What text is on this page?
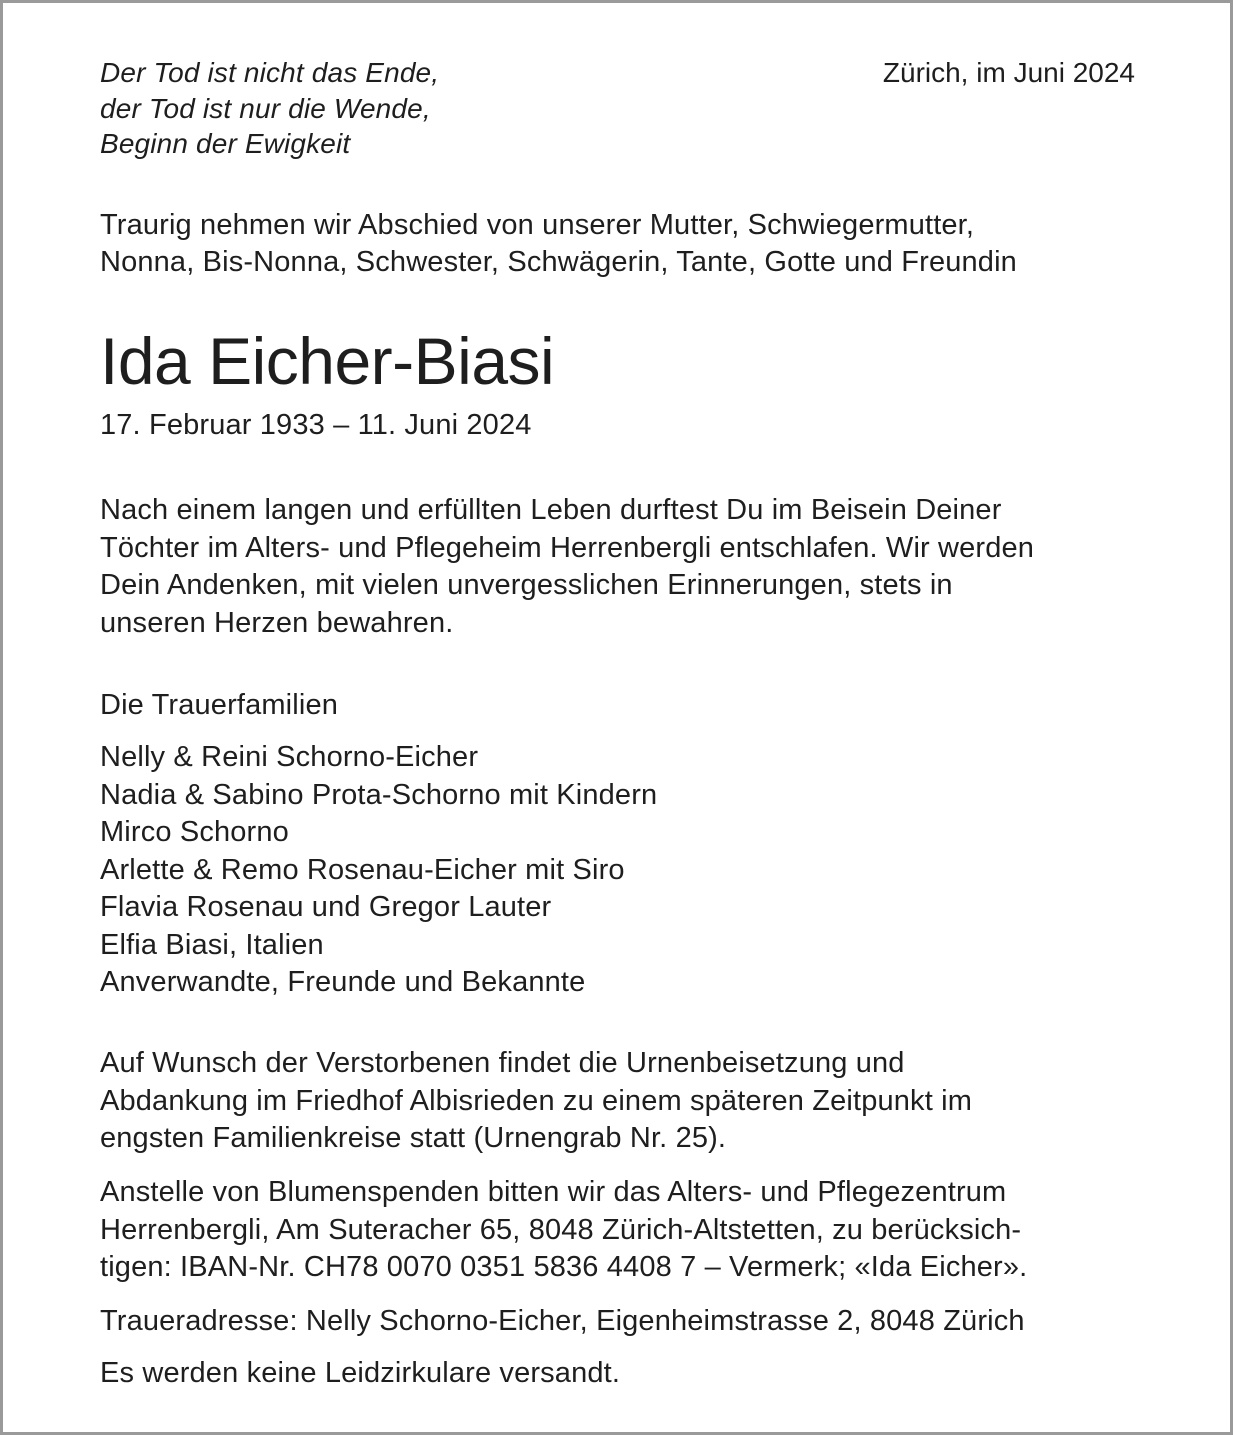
Der Tod ist nicht das Ende,
der Tod ist nur die Wende,
Beginn der Ewigkeit
Zürich, im Juni 2024
Traurig nehmen wir Abschied von unserer Mutter, Schwiegermutter,
Nonna, Bis-Nonna, Schwester, Schwägerin, Tante, Gotte und Freundin
Ida Eicher-Biasi
17. Februar 1933 – 11. Juni 2024
Nach einem langen und erfüllten Leben durftest Du im Beisein Deiner
Töchter im Alters- und Pflegeheim Herrenbergli entschlafen. Wir werden
Dein Andenken, mit vielen unvergesslichen Erinnerungen, stets in
unseren Herzen bewahren.
Die Trauerfamilien
Nelly & Reini Schorno-Eicher
Nadia & Sabino Prota-Schorno mit Kindern
Mirco Schorno
Arlette & Remo Rosenau-Eicher mit Siro
Flavia Rosenau und Gregor Lauter
Elfia Biasi, Italien
Anverwandte, Freunde und Bekannte
Auf Wunsch der Verstorbenen findet die Urnenbeisetzung und
Abdankung im Friedhof Albisrieden zu einem späteren Zeitpunkt im
engsten Familienkreise statt (Urnengrab Nr. 25).
Anstelle von Blumenspenden bitten wir das Alters- und Pflegezentrum
Herrenbergli, Am Suteracher 65, 8048 Zürich-Altstetten, zu berücksich-
tigen: IBAN-Nr. CH78 0070 0351 5836 4408 7 – Vermerk; «Ida Eicher».
Traueradresse: Nelly Schorno-Eicher, Eigenheimstrasse 2, 8048 Zürich
Es werden keine Leidzirkulare versandt.
